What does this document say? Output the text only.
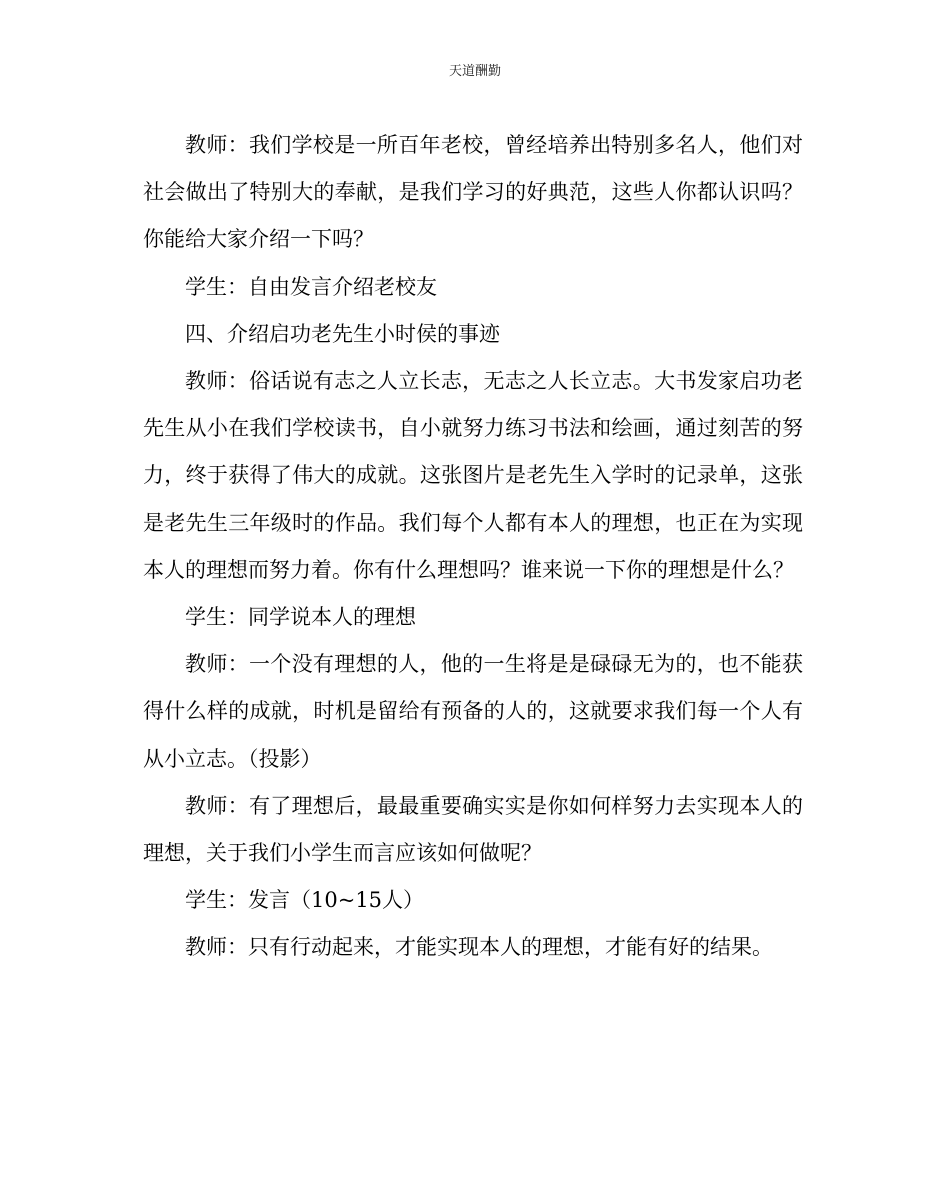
天道酬勤

教师：我们学校是一所百年老校，曾经培养出特别多名人，他们对社会做出了特别大的奉献，是我们学习的好典范，这些人你都认识吗？你能给大家介绍一下吗？

学生：自由发言介绍老校友

四、介绍启功老先生小时侯的事迹

教师：俗话说有志之人立长志，无志之人长立志。大书发家启功老先生从小在我们学校读书，自小就努力练习书法和绘画，通过刻苦的努力，终于获得了伟大的成就。这张图片是老先生入学时的记录单，这张是老先生三年级时的作品。我们每个人都有本人的理想，也正在为实现本人的理想而努力着。你有什么理想吗？谁来说一下你的理想是什么？

学生：同学说本人的理想

教师：一个没有理想的人，他的一生将是是碌碌无为的，也不能获得什么样的成就，时机是留给有预备的人的，这就要求我们每一个人有从小立志。（投影）

教师：有了理想后，最最重要确实实是你如何样努力去实现本人的理想，关于我们小学生而言应该如何做呢？

学生：发言（10~15人）

教师：只有行动起来，才能实现本人的理想，才能有好的结果。
